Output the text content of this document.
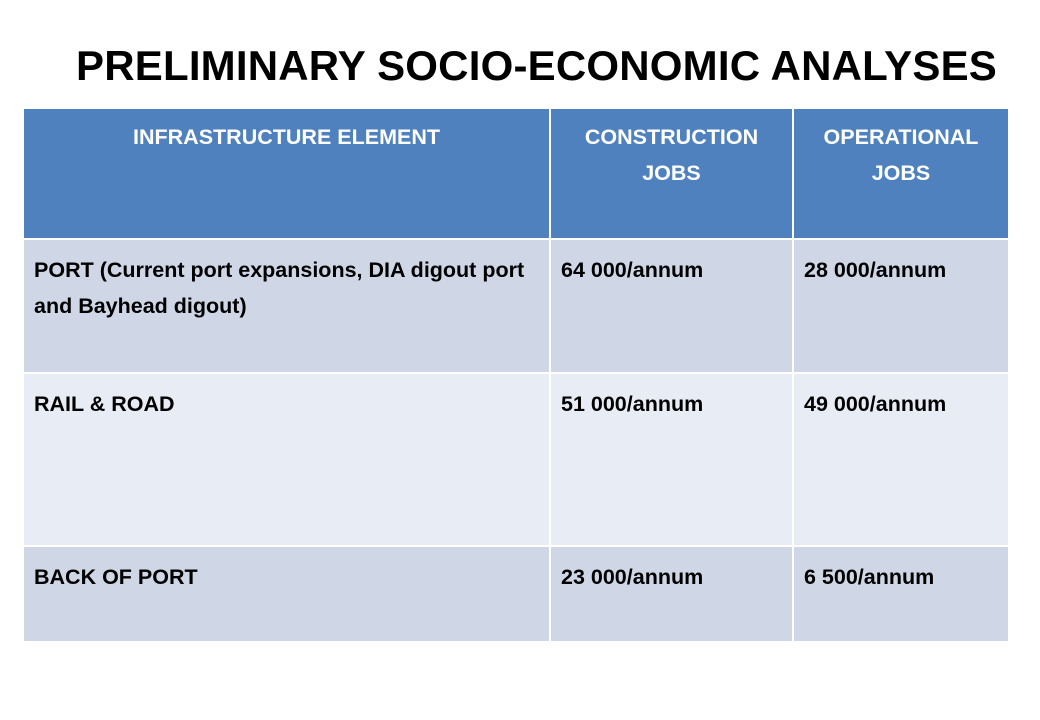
PRELIMINARY SOCIO-ECONOMIC ANALYSES
INFRASTRUCTURE ELEMENT	CONSTRUCTION JOBS	OPERATIONAL JOBS
PORT (Current port expansions, DIA digout port and Bayhead digout)	64 000/annum	28 000/annum
RAIL & ROAD	51 000/annum	49 000/annum
BACK OF PORT	23 000/annum	6 500/annum
